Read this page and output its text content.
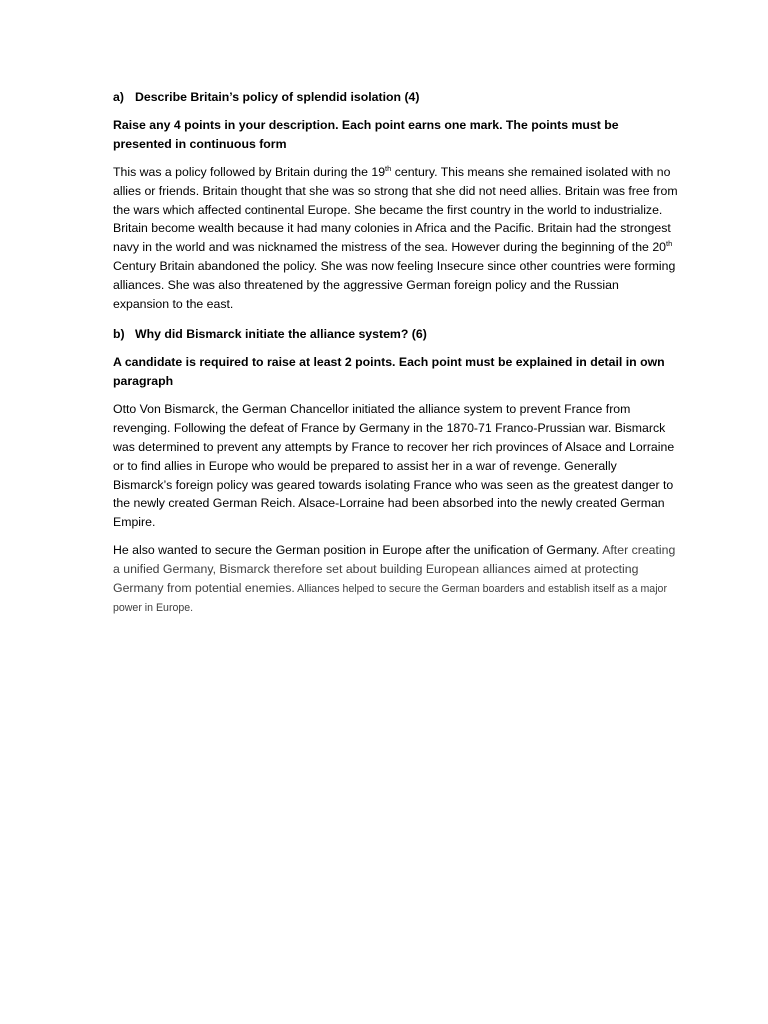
a) Describe Britain’s policy of splendid isolation (4)

Raise any 4 points in your description. Each point earns one mark. The points must be presented in continuous form

This was a policy followed by Britain during the 19th century. This means she remained isolated with no allies or friends. Britain thought that she was so strong that she did not need allies. Britain was free from the wars which affected continental Europe. She became the first country in the world to industrialize. Britain become wealth because it had many colonies in Africa and the Pacific. Britain had the strongest navy in the world and was nicknamed the mistress of the sea. However during the beginning of the 20th Century Britain abandoned the policy. She was now feeling Insecure since other countries were forming alliances. She was also threatened by the aggressive German foreign policy and the Russian expansion to the east.

b) Why did Bismarck initiate the alliance system? (6)

A candidate is required to raise at least 2 points. Each point must be explained in detail in own paragraph

Otto Von Bismarck, the German Chancellor initiated the alliance system to prevent France from revenging. Following the defeat of France by Germany in the 1870-71 Franco-Prussian war. Bismarck was determined to prevent any attempts by France to recover her rich provinces of Alsace and Lorraine or to find allies in Europe who would be prepared to assist her in a war of revenge. Generally Bismarck’s foreign policy was geared towards isolating France who was seen as the greatest danger to the newly created German Reich. Alsace-Lorraine had been absorbed into the newly created German Empire.

He also wanted to secure the German position in Europe after the unification of Germany. After creating a unified Germany, Bismarck therefore set about building European alliances aimed at protecting Germany from potential enemies. Alliances helped to secure the German boarders and establish itself as a major power in Europe.
